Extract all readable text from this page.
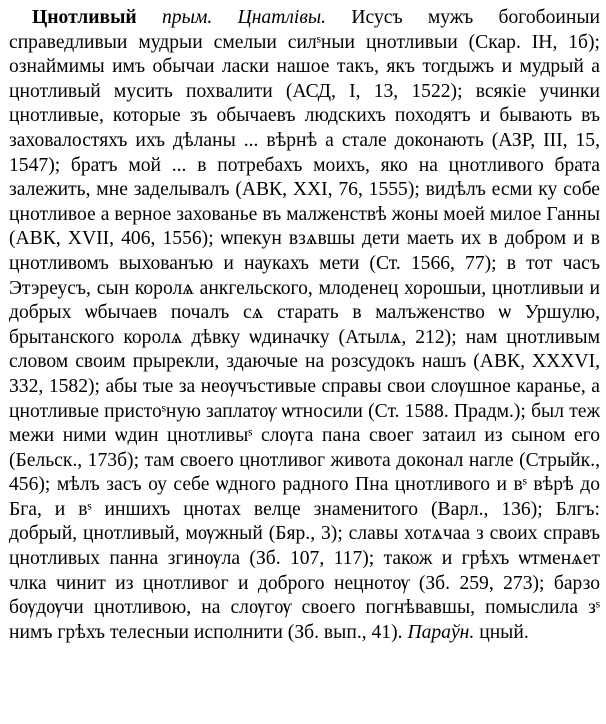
Цнотливый прым. Цнатлівы. Исусъ мужъ богобоиныи справедливыи мудрыи смелыи силˢныи цнотливыи (Скар. IН, 1б); ознаймимы имъ обычаи ласки нашое такъ, якъ тогдыжъ и мудрый а цнотливый мусить похвалити (АСД, I, 13, 1522); всякiе учинки цнотливые, которые зъ обычаевъ людскихъ походятъ и бывають въ заховалостяхъ ихъ дѣланы ... вѣрнѣ а стале доконають (АЗР, III, 15, 1547); братъ мой ... в потребахъ моихъ, яко на цнотливого брата залежить, мне заделывалъ (АВК, XXI, 76, 1555); видѣлъ есми ку собе цнотливое а верное захованье въ малженствѣ жоны моей милое Ганны (АВК, XVII, 406, 1556); ѡпекун взѧвшы дети маеть их в добром и в цнотливомъ выхованъю и наукахъ мети (Ст. 1566, 77); в тот часъ Этэреусъ, сын королѧ анкгельского, млоденец хорошыи, цнотливыи и добрых ѡбычаев почалъ сѧ старать в малъженство ѡ Уршулю, брытанского королѧ дѣвку ѡдиначку (Атылѧ, 212); нам цнотливым словом своим прырекли, здаючые на розсудокъ нашъ (АВК, XXXVI, 332, 1582); абы тые за неѹчъстивые справы свои слѹшное каранье, а цнотливые пристоˢную заплатѹ ѡтносили (Ст. 1588. Прадм.); был теж межи ними ѡдин цнотливыˢ слѹга пана своег затаил из сыном его (Бельск., 173б); там своего цнотливог живота доконал нагле (Стрыйк., 456); мѣлъ засъ оу себе ѡдного радного Пна цнотливого и вˢ вѣрѣ до Бга, и вˢ иншихъ цнотах велце знаменитого (Варл., 136); Блгъ: добрый, цнотливый, мѹжный (Бяр., 3); славы хотѧчаа з своих справъ цнотливых панна згинѹла (Зб. 107, 117); також и грѣхъ ѡтменѧет члка чинит из цнотливог и доброго нецнотѹ (Зб. 259, 273); барзо бѹдѹчи цнотливою, на слѹгѹ своего погнѣвавшы, помыслила зˢ нимъ грѣхъ телесныи исполнити (Зб. вып., 41). Параўн. цный.
